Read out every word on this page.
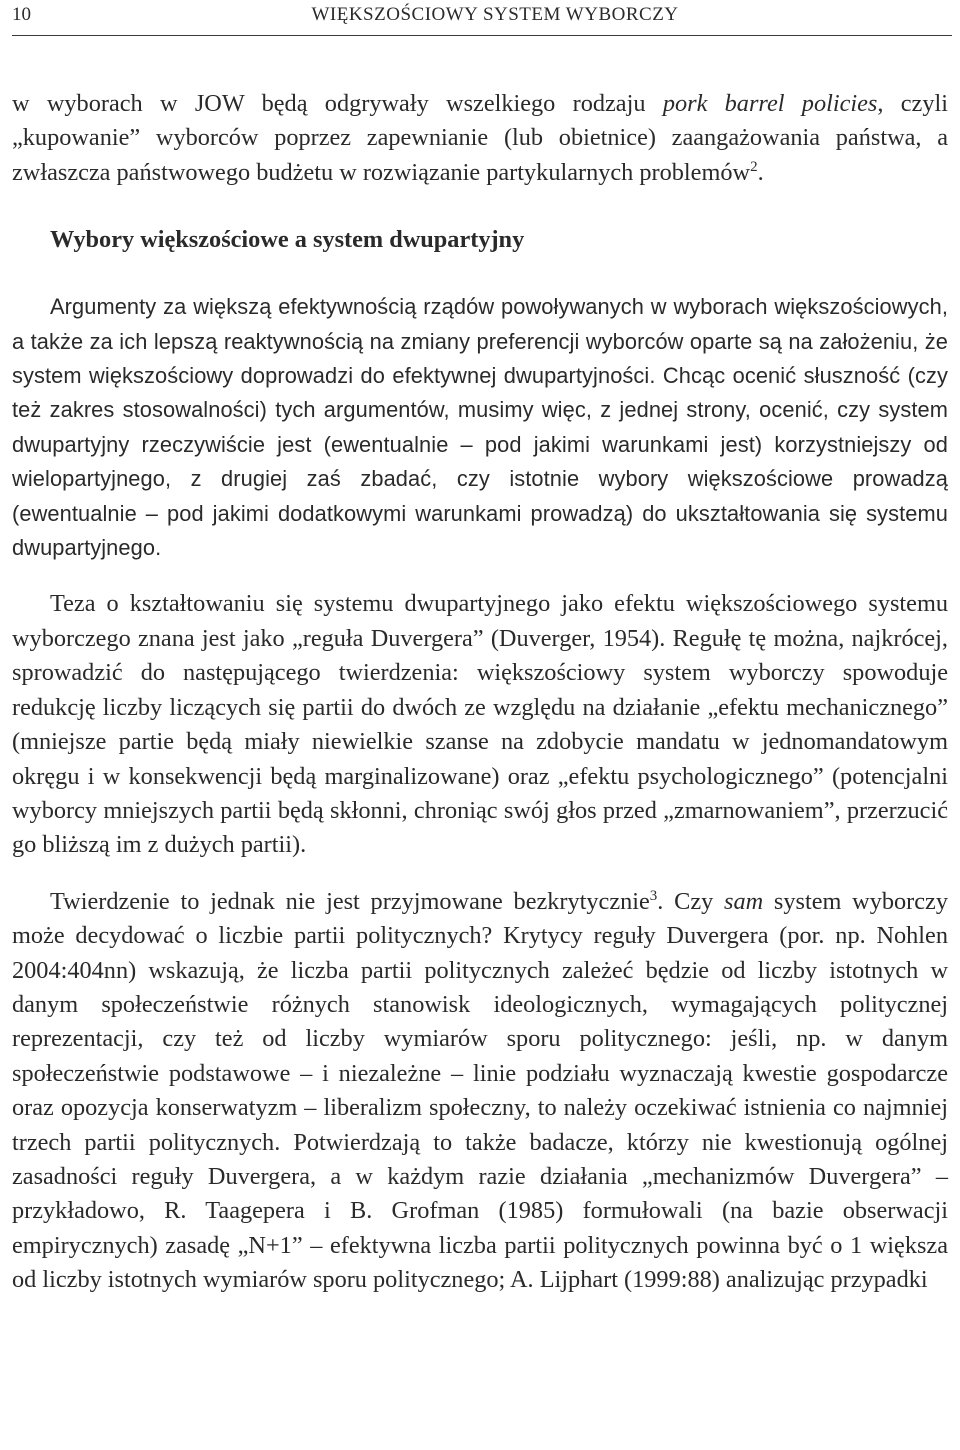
10	WIĘKSZOŚCIOWY SYSTEM WYBORCZY

w wyborach w JOW będą odgrywały wszelkiego rodzaju pork barrel policies, czyli „kupowanie” wyborców poprzez zapewnianie (lub obietnice) zaangażowania państwa, a zwłaszcza państwowego budżetu w rozwiązanie partykularnych problemów$^2$.

Wybory większościowe a system dwupartyjny

Argumenty za większą efektywnością rządów powoływanych w wyborach większościowych, a także za ich lepszą reaktywnością na zmiany preferencji wyborców oparte są na założeniu, że system większościowy doprowadzi do efektywnej dwupartyjności. Chcąc ocenić słuszność (czy też zakres stosowalności) tych argumentów, musimy więc, z jednej strony, ocenić, czy system dwupartyjny rzeczywiście jest (ewentualnie – pod jakimi warunkami jest) korzystniejszy od wielopartyjnego, z drugiej zaś zbadać, czy istotnie wybory większościowe prowadzą (ewentualnie – pod jakimi dodatkowymi warunkami prowadzą) do ukształtowania się systemu dwupartyjnego.

Teza o kształtowaniu się systemu dwupartyjnego jako efektu większościowego systemu wyborczego znana jest jako „reguła Duvergera” (Duverger, 1954). Regułę tę można, najkrócej, sprowadzić do następującego twierdzenia: większościowy system wyborczy spowoduje redukcję liczby liczących się partii do dwóch ze względu na działanie „efektu mechanicznego” (mniejsze partie będą miały niewielkie szanse na zdobycie mandatu w jednomandatowym okręgu i w konsekwencji będą marginalizowane) oraz „efektu psychologicznego” (potencjalni wyborcy mniejszych partii będą skłonni, chroniąc swój głos przed „zmarnowaniem”, przerzucić go bliższą im z dużych partii).

Twierdzenie to jednak nie jest przyjmowane bezkrytycznie$^3$. Czy sam system wyborczy może decydować o liczbie partii politycznych? Krytycy reguły Duvergera (por. np. Nohlen 2004:404nn) wskazują, że liczba partii politycznych zależeć będzie od liczby istotnych w danym społeczeństwie różnych stanowisk ideologicznych, wymagających politycznej reprezentacji, czy też od liczby wymiarów sporu politycznego: jeśli, np. w danym społeczeństwie podstawowe – i niezależne – linie podziału wyznaczają kwestie gospodarcze oraz opozycja konserwatyzm – liberalizm społeczny, to należy oczekiwać istnienia co najmniej trzech partii politycznych. Potwierdzają to także badacze, którzy nie kwestionują ogólnej zasadności reguły Duvergera, a w każdym razie działania „mechanizmów Duvergera” – przykładowo, R. Taagepera i B. Grofman (1985) formułowali (na bazie obserwacji empirycznych) zasadę „N+1” – efektywna liczba partii politycznych powinna być o 1 większa od liczby istotnych wymiarów sporu politycznego; A. Lijphart (1999:88) analizując przypadki
